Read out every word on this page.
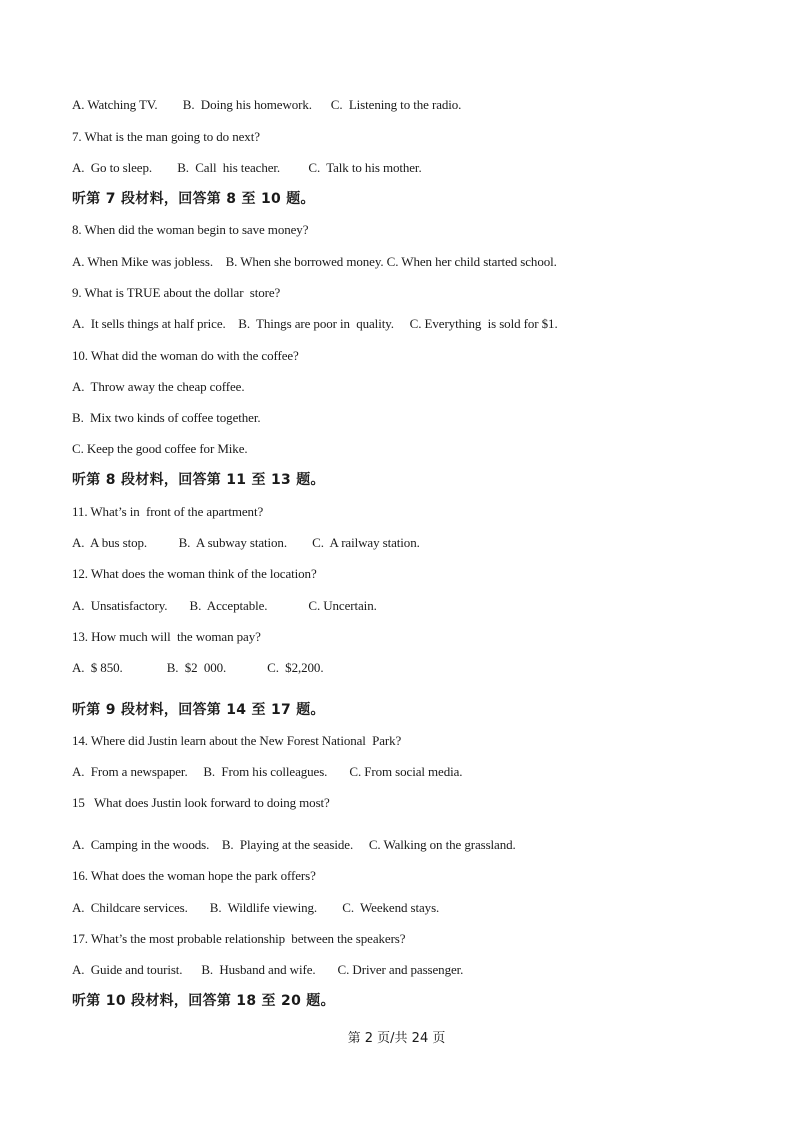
A. Watching TV.        B.  Doing his homework.      C.  Listening to the radio.
7. What is the man going to do next?
A.  Go to sleep.        B.  Call  his teacher.         C.  Talk to his mother.
听第 7 段材料，回答第 8 至 10 题。
8. When did the woman begin to save money?
A. When Mike was jobless.    B. When she borrowed money. C. When her child started school.
9. What is TRUE about the dollar  store?
A.  It sells things at half price.    B.  Things are poor in  quality.     C. Everything  is sold for $1.
10. What did the woman do with the coffee?
A.  Throw away the cheap coffee.
B.  Mix two kinds of coffee together.
C. Keep the good coffee for Mike.
听第 8 段材料，回答第 11 至 13 题。
11. What’s in  front of the apartment?
A.  A bus stop.          B.  A subway station.        C.  A railway station.
12. What does the woman think of the location?
A.  Unsatisfactory.       B.  Acceptable.             C. Uncertain.
13. How much will  the woman pay?
A.  $ 850.              B.  $2  000.             C.  $2,200.
听第 9 段材料，回答第 14 至 17 题。
14. Where did Justin learn about the New Forest National  Park?
A.  From a newspaper.     B.  From his colleagues.       C. From social media.
15   What does Justin look forward to doing most?
A.  Camping in the woods.    B.  Playing at the seaside.     C. Walking on the grassland.
16. What does the woman hope the park offers?
A.  Childcare services.       B.  Wildlife viewing.        C.  Weekend stays.
17. What’s the most probable relationship  between the speakers?
A.  Guide and tourist.      B.  Husband and wife.       C. Driver and passenger.
听第 10 段材料，回答第 18 至 20 题。
第 2 页/共 24 页
